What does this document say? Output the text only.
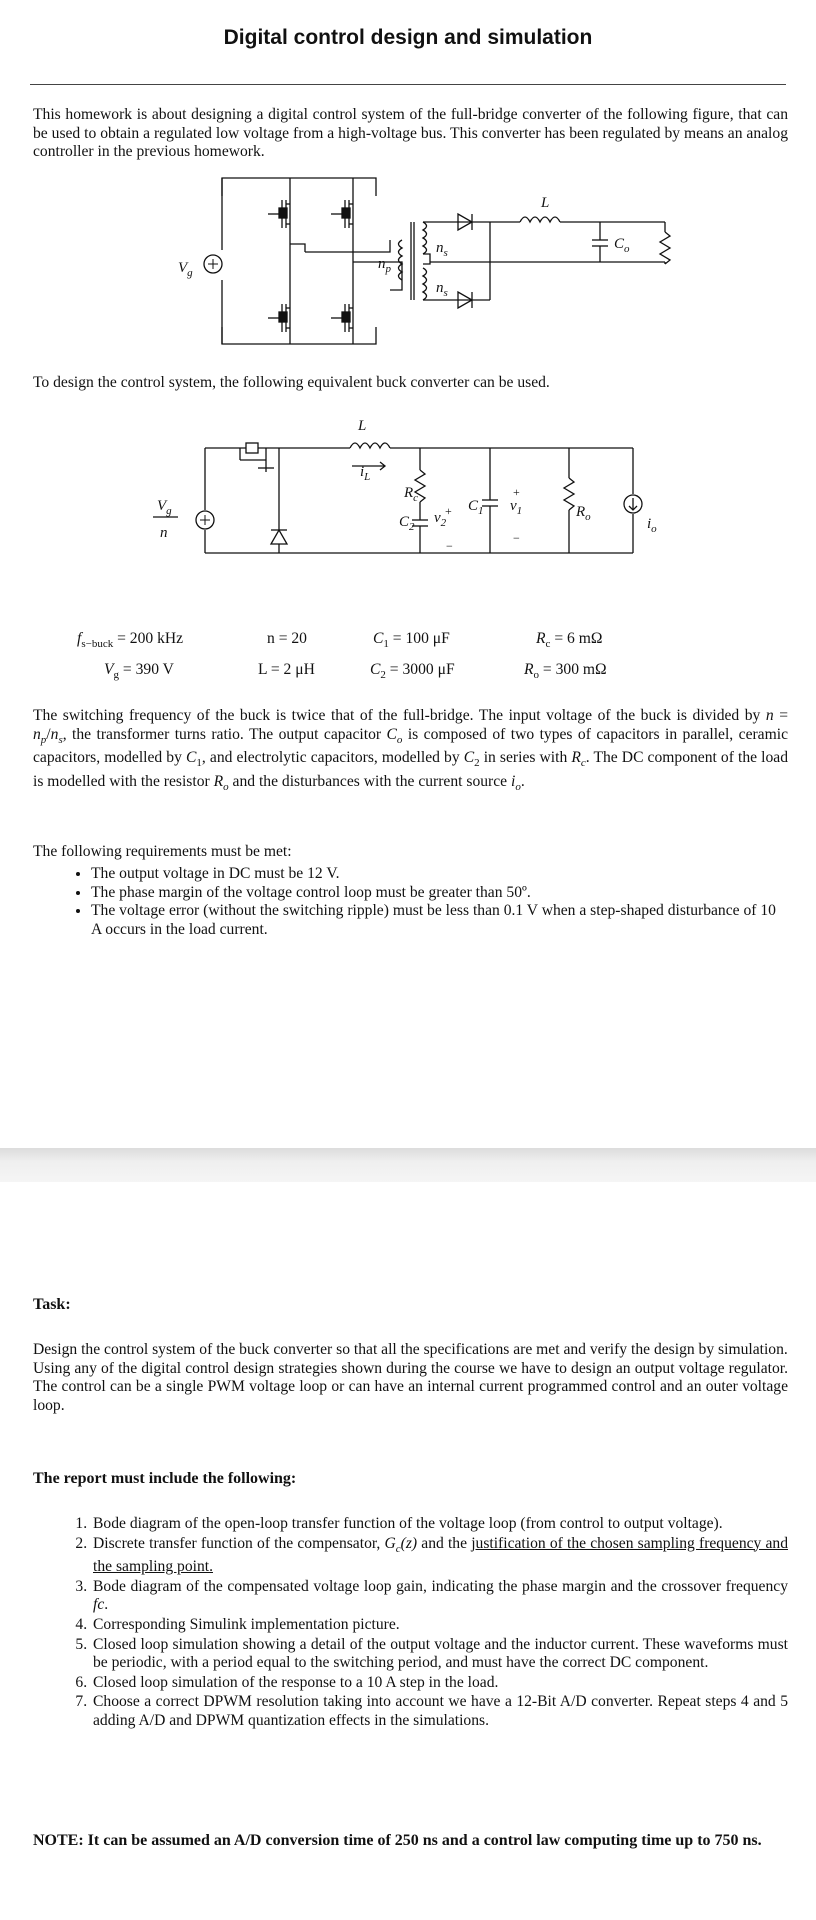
Digital control design and simulation

This homework is about designing a digital control system of the full-bridge converter of the following figure, that can be used to obtain a regulated low voltage from a high-voltage bus. This converter has been regulated by means an analog controller in the previous homework.

$V_g$
$n_p$
$n_s$
$n_s$
L
$C_o$

To design the control system, the following equivalent buck converter can be used.

L
$i_L$
$R_c$
$C_2$
$C_1$
$v_2$
$v_1$	$R_o$	$i_o$
$V_g$
n
+
−
+
−
$f_{s-buck} = 200$ kHz
$V_g = 390$ V
n = 20
L = 2 μH
$C_1 = 100$ μF
$C_2 = 3000$ μF
$R_c = 6$ mΩ
$R_o = 300$ mΩ

The switching frequency of the buck is twice that of the full-bridge. The input voltage of the buck is divided by $n = n_p/n_s$, the transformer turns ratio. The output capacitor $C_o$ is composed of two types of capacitors in parallel, ceramic capacitors, modelled by $C_1$, and electrolytic capacitors, modelled by $C_2$ in series with $R_c$. The DC component of the load is modelled with the resistor $R_o$ and the disturbances with the current source $i_o$.

The following requirements must be met:
• The output voltage in DC must be 12 V.
• The phase margin of the voltage control loop must be greater than 50º.
• The voltage error (without the switching ripple) must be less than 0.1 V when a step-shaped disturbance of 10 A occurs in the load current.
Task:

Design the control system of the buck converter so that all the specifications are met and verify the design by simulation.

Using any of the digital control design strategies shown during the course we have to design an output voltage regulator. The control can be a single PWM voltage loop or can have an internal current programmed control and an outer voltage loop.

The report must include the following:
1. Bode diagram of the open-loop transfer function of the voltage loop (from control to output voltage).
2. Discrete transfer function of the compensator, $G_c(z)$ and the justification of the chosen sampling frequency and the sampling point.
3. Bode diagram of the compensated voltage loop gain, indicating the phase margin and the crossover frequency fc.
4. Corresponding Simulink implementation picture.
5. Closed loop simulation showing a detail of the output voltage and the inductor current. These waveforms must be periodic, with a period equal to the switching period, and must have the correct DC component.
6. Closed loop simulation of the response to a 10 A step in the load.
7. Choose a correct DPWM resolution taking into account we have a 12-Bit A/D converter. Repeat steps 4 and 5 adding A/D and DPWM quantization effects in the simulations.
NOTE: It can be assumed an A/D conversion time of 250 ns and a control law computing time up to 750 ns.
